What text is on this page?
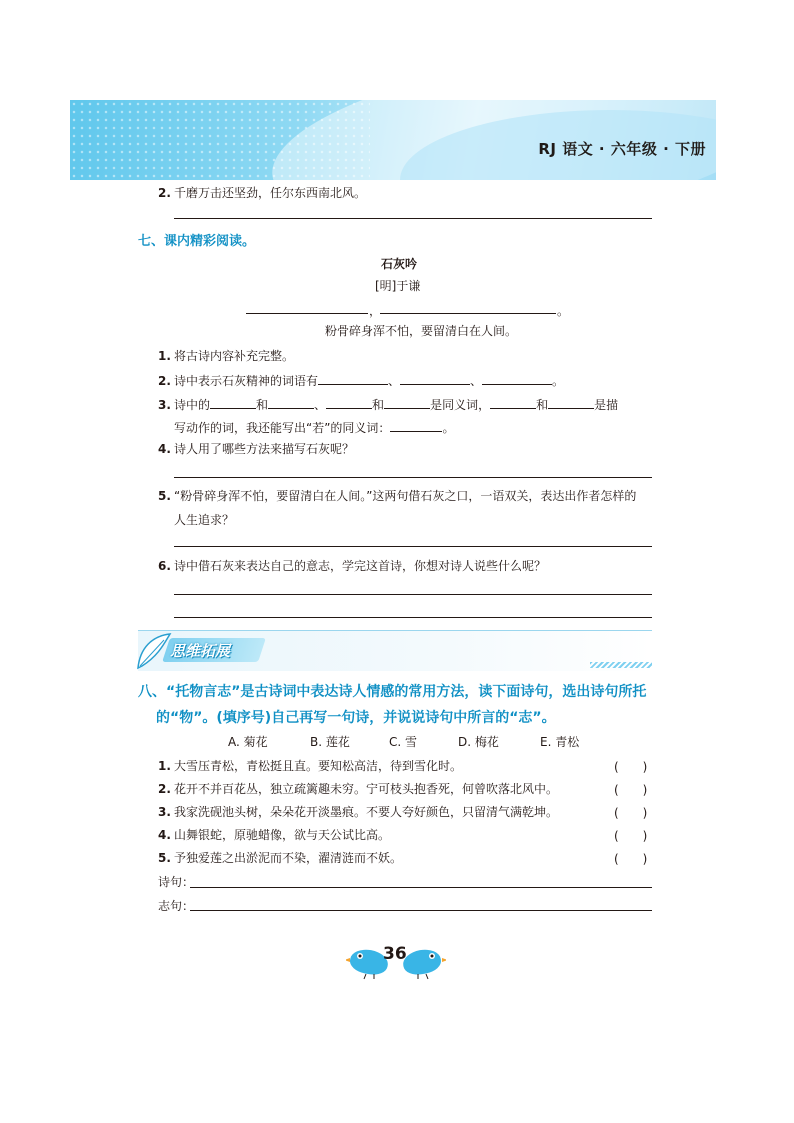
RJ 语文 · 六年级 · 下册
2. 千磨万击还坚劲，任尔东西南北风。
七、课内精彩阅读。
石灰吟
[明]于谦
，	。
粉骨碎身浑不怕，要留清白在人间。
1. 将古诗内容补充完整。
2. 诗中表示石灰精神的词语有	、	、	。
3. 诗中的	和	、	和	是同义词，	和	是描
写动作的词，我还能写出“若”的同义词：	。
4. 诗人用了哪些方法来描写石灰呢？
5. “粉骨碎身浑不怕，要留清白在人间。”这两句借石灰之口，一语双关，表达出作者怎样的
人生追求？
6. 诗中借石灰来表达自己的意志，学完这首诗，你想对诗人说些什么呢？
思维拓展
八、“托物言志”是古诗词中表达诗人情感的常用方法，读下面诗句，选出诗句所托
的“物”。(填序号)自己再写一句诗，并说说诗句中所言的“志”。
A. 菊花	B. 莲花	C. 雪	D. 梅花	E. 青松
1. 大雪压青松，青松挺且直。要知松高洁，待到雪化时。	(　　)
2. 花开不并百花丛，独立疏篱趣未穷。宁可枝头抱香死，何曾吹落北风中。	(　　)
3. 我家洗砚池头树，朵朵花开淡墨痕。不要人夸好颜色，只留清气满乾坤。	(　　)
4. 山舞银蛇，原驰蜡像，欲与天公试比高。	(　　)
5. 予独爱莲之出淤泥而不染，濯清涟而不妖。	(　　)
诗句：
志句：
36
